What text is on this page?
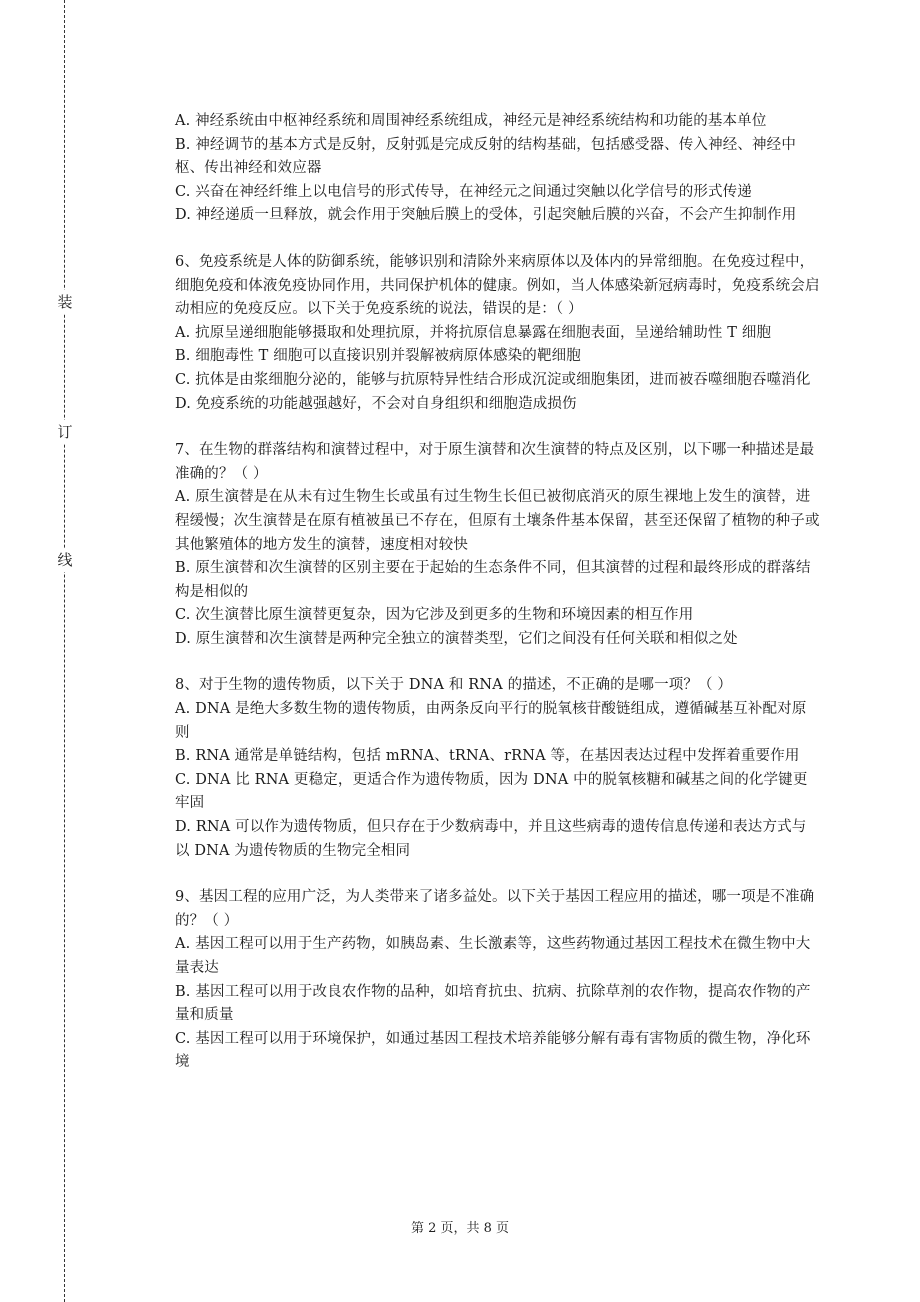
装
订
线

A. 神经系统由中枢神经系统和周围神经系统组成，神经元是神经系统结构和功能的基本单位

B. 神经调节的基本方式是反射，反射弧是完成反射的结构基础，包括感受器、传入神经、神经中枢、传出神经和效应器

C. 兴奋在神经纤维上以电信号的形式传导，在神经元之间通过突触以化学信号的形式传递

D. 神经递质一旦释放，就会作用于突触后膜上的受体，引起突触后膜的兴奋，不会产生抑制作用

6、免疫系统是人体的防御系统，能够识别和清除外来病原体以及体内的异常细胞。在免疫过程中，细胞免疫和体液免疫协同作用，共同保护机体的健康。例如，当人体感染新冠病毒时，免疫系统会启动相应的免疫反应。以下关于免疫系统的说法，错误的是：（ ）

A. 抗原呈递细胞能够摄取和处理抗原，并将抗原信息暴露在细胞表面，呈递给辅助性 T 细胞

B. 细胞毒性 T 细胞可以直接识别并裂解被病原体感染的靶细胞

C. 抗体是由浆细胞分泌的，能够与抗原特异性结合形成沉淀或细胞集团，进而被吞噬细胞吞噬消化

D. 免疫系统的功能越强越好，不会对自身组织和细胞造成损伤

7、在生物的群落结构和演替过程中，对于原生演替和次生演替的特点及区别，以下哪一种描述是最准确的？（ ）

A. 原生演替是在从未有过生物生长或虽有过生物生长但已被彻底消灭的原生裸地上发生的演替，进程缓慢；次生演替是在原有植被虽已不存在，但原有土壤条件基本保留，甚至还保留了植物的种子或其他繁殖体的地方发生的演替，速度相对较快

B. 原生演替和次生演替的区别主要在于起始的生态条件不同，但其演替的过程和最终形成的群落结构是相似的

C. 次生演替比原生演替更复杂，因为它涉及到更多的生物和环境因素的相互作用

D. 原生演替和次生演替是两种完全独立的演替类型，它们之间没有任何关联和相似之处

8、对于生物的遗传物质，以下关于 DNA 和 RNA 的描述，不正确的是哪一项？（ ）

A. DNA 是绝大多数生物的遗传物质，由两条反向平行的脱氧核苷酸链组成，遵循碱基互补配对原则

B. RNA 通常是单链结构，包括 mRNA、tRNA、rRNA 等，在基因表达过程中发挥着重要作用

C. DNA 比 RNA 更稳定，更适合作为遗传物质，因为 DNA 中的脱氧核糖和碱基之间的化学键更牢固

D. RNA 可以作为遗传物质，但只存在于少数病毒中，并且这些病毒的遗传信息传递和表达方式与以 DNA 为遗传物质的生物完全相同

9、基因工程的应用广泛，为人类带来了诸多益处。以下关于基因工程应用的描述，哪一项是不准确的？（ ）

A. 基因工程可以用于生产药物，如胰岛素、生长激素等，这些药物通过基因工程技术在微生物中大量表达

B. 基因工程可以用于改良农作物的品种，如培育抗虫、抗病、抗除草剂的农作物，提高农作物的产量和质量

C. 基因工程可以用于环境保护，如通过基因工程技术培养能够分解有毒有害物质的微生物，净化环境

第 2 页，共 8 页
